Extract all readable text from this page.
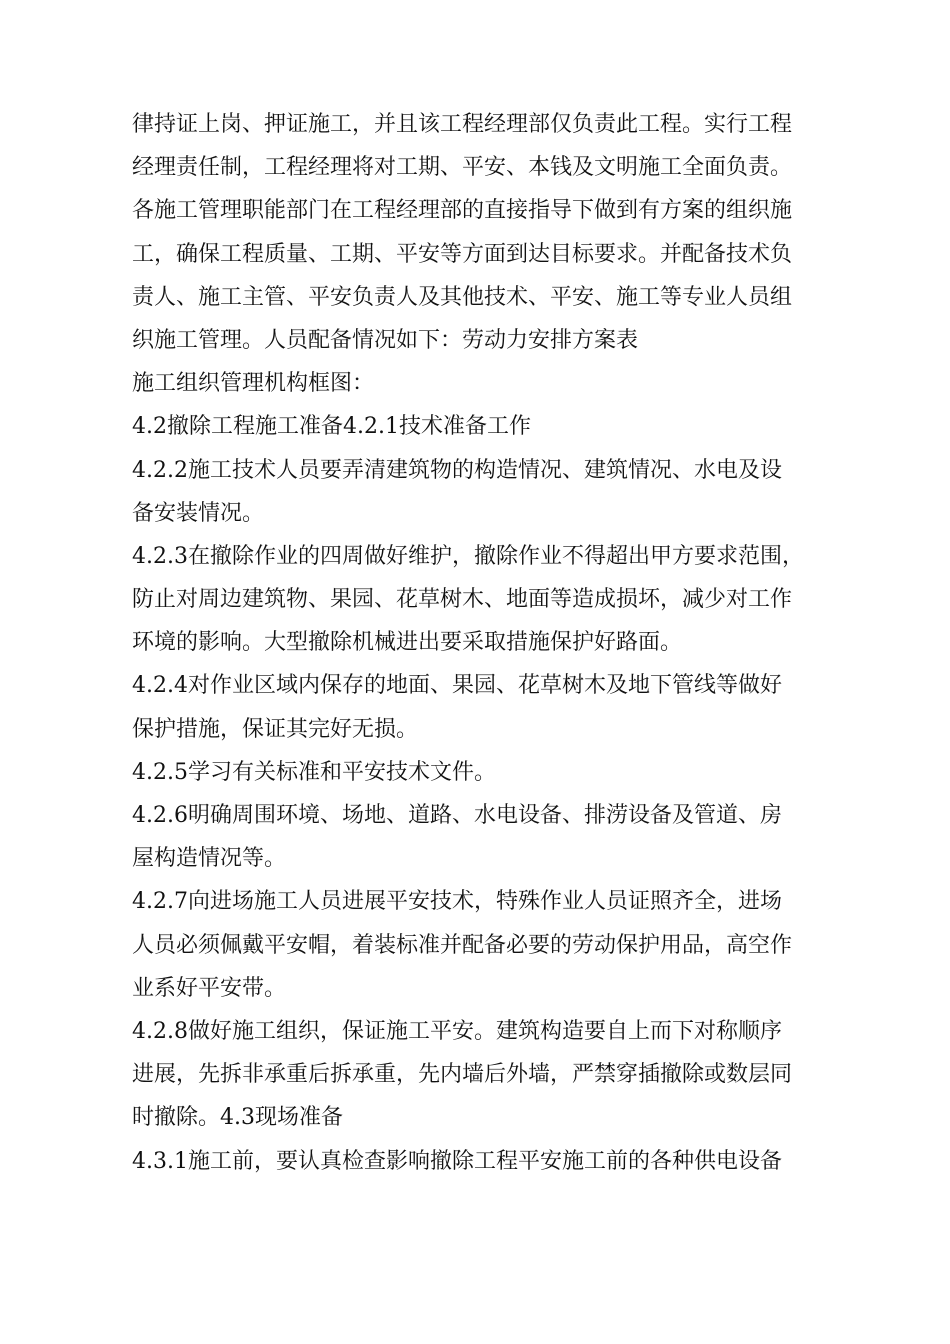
律持证上岗、押证施工，并且该工程经理部仅负责此工程。实行工程
经理责任制，工程经理将对工期、平安、本钱及文明施工全面负责。
各施工管理职能部门在工程经理部的直接指导下做到有方案的组织施
工，确保工程质量、工期、平安等方面到达目标要求。并配备技术负
责人、施工主管、平安负责人及其他技术、平安、施工等专业人员组
织施工管理。人员配备情况如下：劳动力安排方案表
施工组织管理机构框图：
4.2撤除工程施工准备4.2.1技术准备工作
4.2.2施工技术人员要弄清建筑物的构造情况、建筑情况、水电及设
备安装情况。
4.2.3在撤除作业的四周做好维护，撤除作业不得超出甲方要求范围，
防止对周边建筑物、果园、花草树木、地面等造成损坏，减少对工作
环境的影响。大型撤除机械进出要采取措施保护好路面。
4.2.4对作业区域内保存的地面、果园、花草树木及地下管线等做好
保护措施，保证其完好无损。
4.2.5学习有关标准和平安技术文件。
4.2.6明确周围环境、场地、道路、水电设备、排涝设备及管道、房
屋构造情况等。
4.2.7向进场施工人员进展平安技术，特殊作业人员证照齐全，进场
人员必须佩戴平安帽，着装标准并配备必要的劳动保护用品，高空作
业系好平安带。
4.2.8做好施工组织，保证施工平安。建筑构造要自上而下对称顺序
进展，先拆非承重后拆承重，先内墙后外墙，严禁穿插撤除或数层同
时撤除。4.3现场准备
4.3.1施工前，要认真检查影响撤除工程平安施工前的各种供电设备
